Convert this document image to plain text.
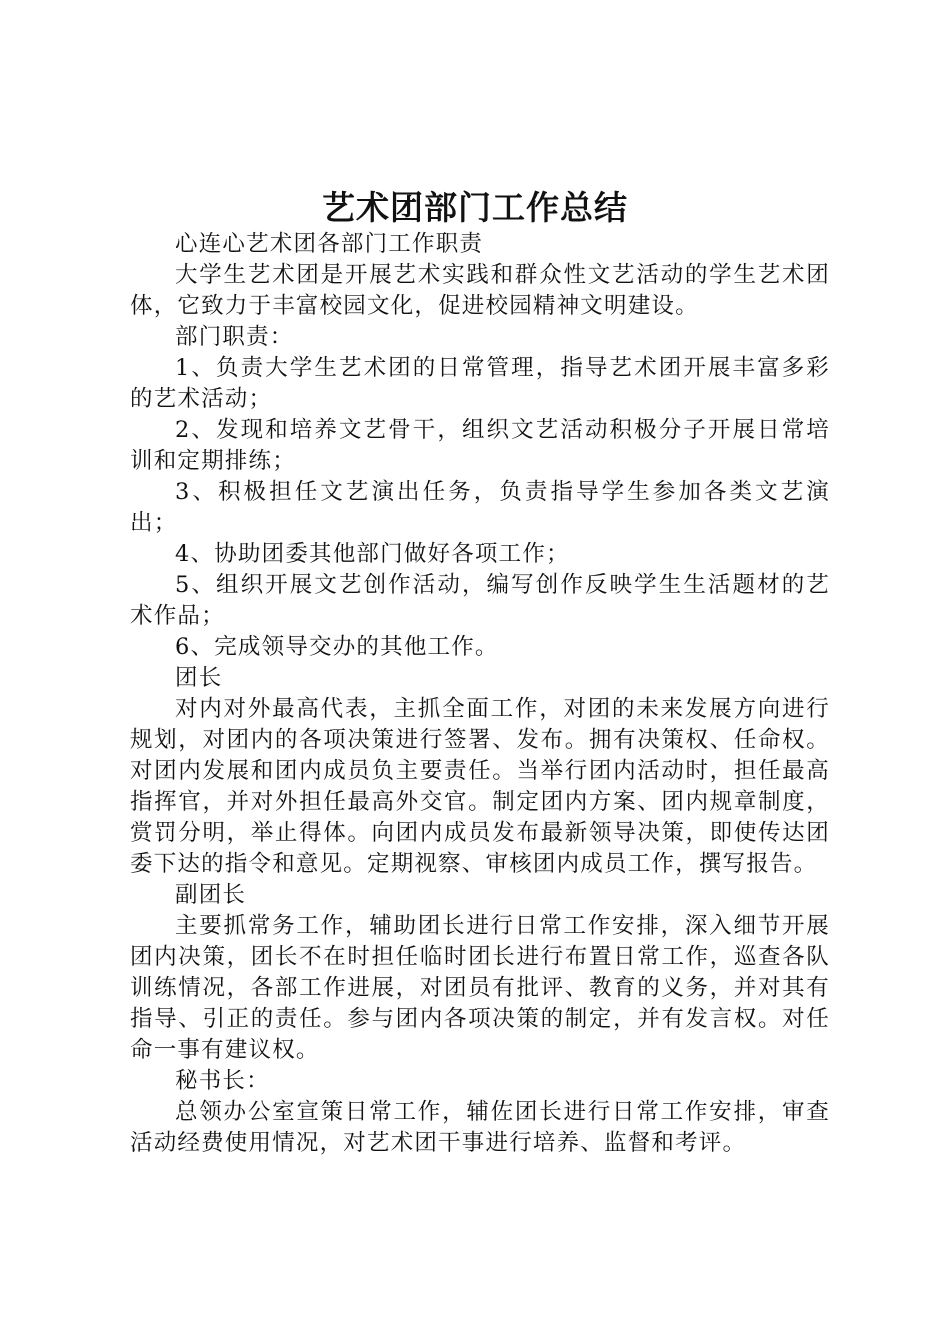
艺术团部门工作总结

心连心艺术团各部门工作职责

大学生艺术团是开展艺术实践和群众性文艺活动的学生艺术团体，它致力于丰富校园文化，促进校园精神文明建设。

部门职责：

1、负责大学生艺术团的日常管理，指导艺术团开展丰富多彩的艺术活动；

2、发现和培养文艺骨干，组织文艺活动积极分子开展日常培训和定期排练；

3、积极担任文艺演出任务，负责指导学生参加各类文艺演出；

4、协助团委其他部门做好各项工作；

5、组织开展文艺创作活动，编写创作反映学生生活题材的艺术作品；

6、完成领导交办的其他工作。

团长

对内对外最高代表，主抓全面工作，对团的未来发展方向进行规划，对团内的各项决策进行签署、发布。拥有决策权、任命权。对团内发展和团内成员负主要责任。当举行团内活动时，担任最高指挥官，并对外担任最高外交官。制定团内方案、团内规章制度，赏罚分明，举止得体。向团内成员发布最新领导决策，即使传达团委下达的指令和意见。定期视察、审核团内成员工作，撰写报告。

副团长

主要抓常务工作，辅助团长进行日常工作安排，深入细节开展团内决策，团长不在时担任临时团长进行布置日常工作，巡查各队训练情况，各部工作进展，对团员有批评、教育的义务，并对其有指导、引正的责任。参与团内各项决策的制定，并有发言权。对任命一事有建议权。

秘书长：

总领办公室宣策日常工作，辅佐团长进行日常工作安排，审查活动经费使用情况，对艺术团干事进行培养、监督和考评。
